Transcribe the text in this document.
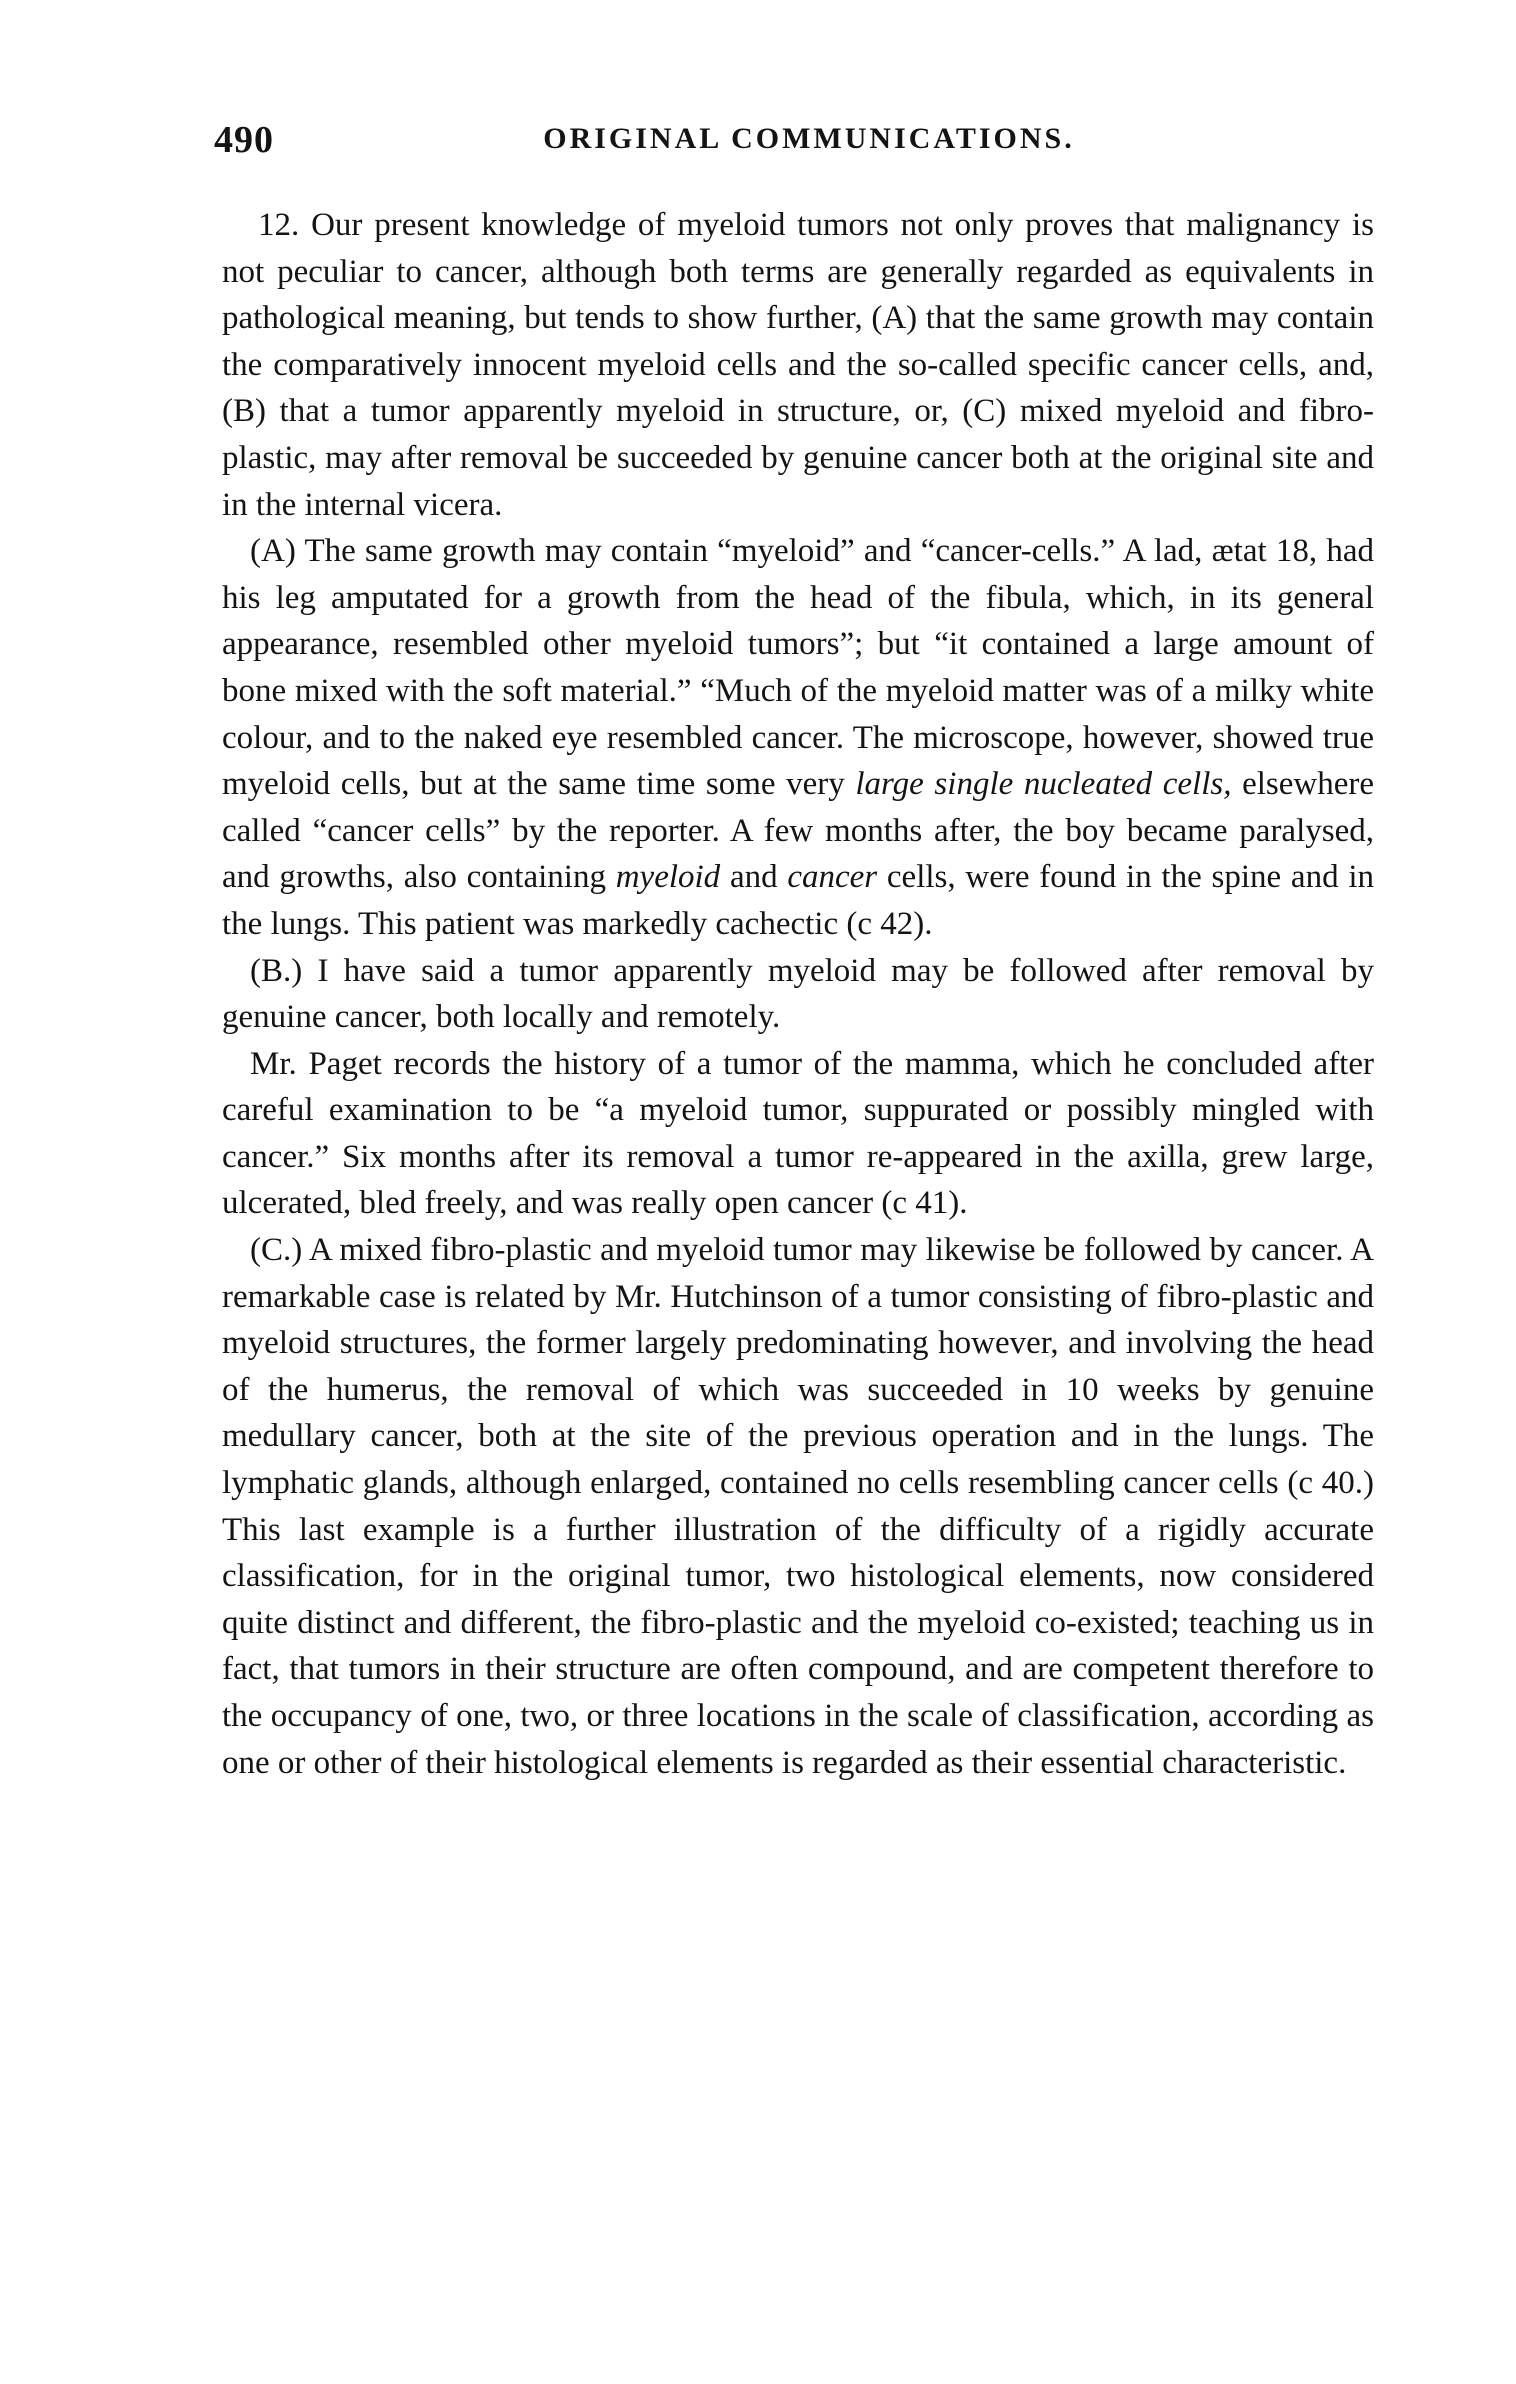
490	ORIGINAL COMMUNICATIONS.

12. Our present knowledge of myeloid tumors not only proves that malignancy is not peculiar to cancer, although both terms are generally regarded as equivalents in pathological meaning, but tends to show further, (A) that the same growth may contain the comparatively innocent myeloid cells and the so-called specific cancer cells, and, (B) that a tumor apparently myeloid in structure, or, (C) mixed myeloid and fibro-plastic, may after removal be succeeded by genuine cancer both at the original site and in the internal vicera.

(A) The same growth may contain “myeloid” and “cancer-cells.” A lad, ætat 18, had his leg amputated for a growth from the head of the fibula, which, in its general appearance, resembled other myeloid tumors”; but “it contained a large amount of bone mixed with the soft material.” “Much of the myeloid matter was of a milky white colour, and to the naked eye resembled cancer. The microscope, however, showed true myeloid cells, but at the same time some very large single nucleated cells, elsewhere called “cancer cells” by the reporter. A few months after, the boy became paralysed, and growths, also containing myeloid and cancer cells, were found in the spine and in the lungs. This patient was markedly cachectic (c 42).

(B.) I have said a tumor apparently myeloid may be followed after removal by genuine cancer, both locally and remotely.

Mr. Paget records the history of a tumor of the mamma, which he concluded after careful examination to be “a myeloid tumor, suppurated or possibly mingled with cancer.” Six months after its removal a tumor re-appeared in the axilla, grew large, ulcerated, bled freely, and was really open cancer (c 41).

(C.) A mixed fibro-plastic and myeloid tumor may likewise be followed by cancer. A remarkable case is related by Mr. Hutchinson of a tumor consisting of fibro-plastic and myeloid structures, the former largely predominating however, and involving the head of the humerus, the removal of which was succeeded in 10 weeks by genuine medullary cancer, both at the site of the previous operation and in the lungs. The lymphatic glands, although enlarged, contained no cells resembling cancer cells (c 40.) This last example is a further illustration of the difficulty of a rigidly accurate classification, for in the original tumor, two histological elements, now considered quite distinct and different, the fibro-plastic and the myeloid co-existed; teaching us in fact, that tumors in their structure are often compound, and are competent therefore to the occupancy of one, two, or three locations in the scale of classification, according as one or other of their histological elements is regarded as their essential characteristic.
